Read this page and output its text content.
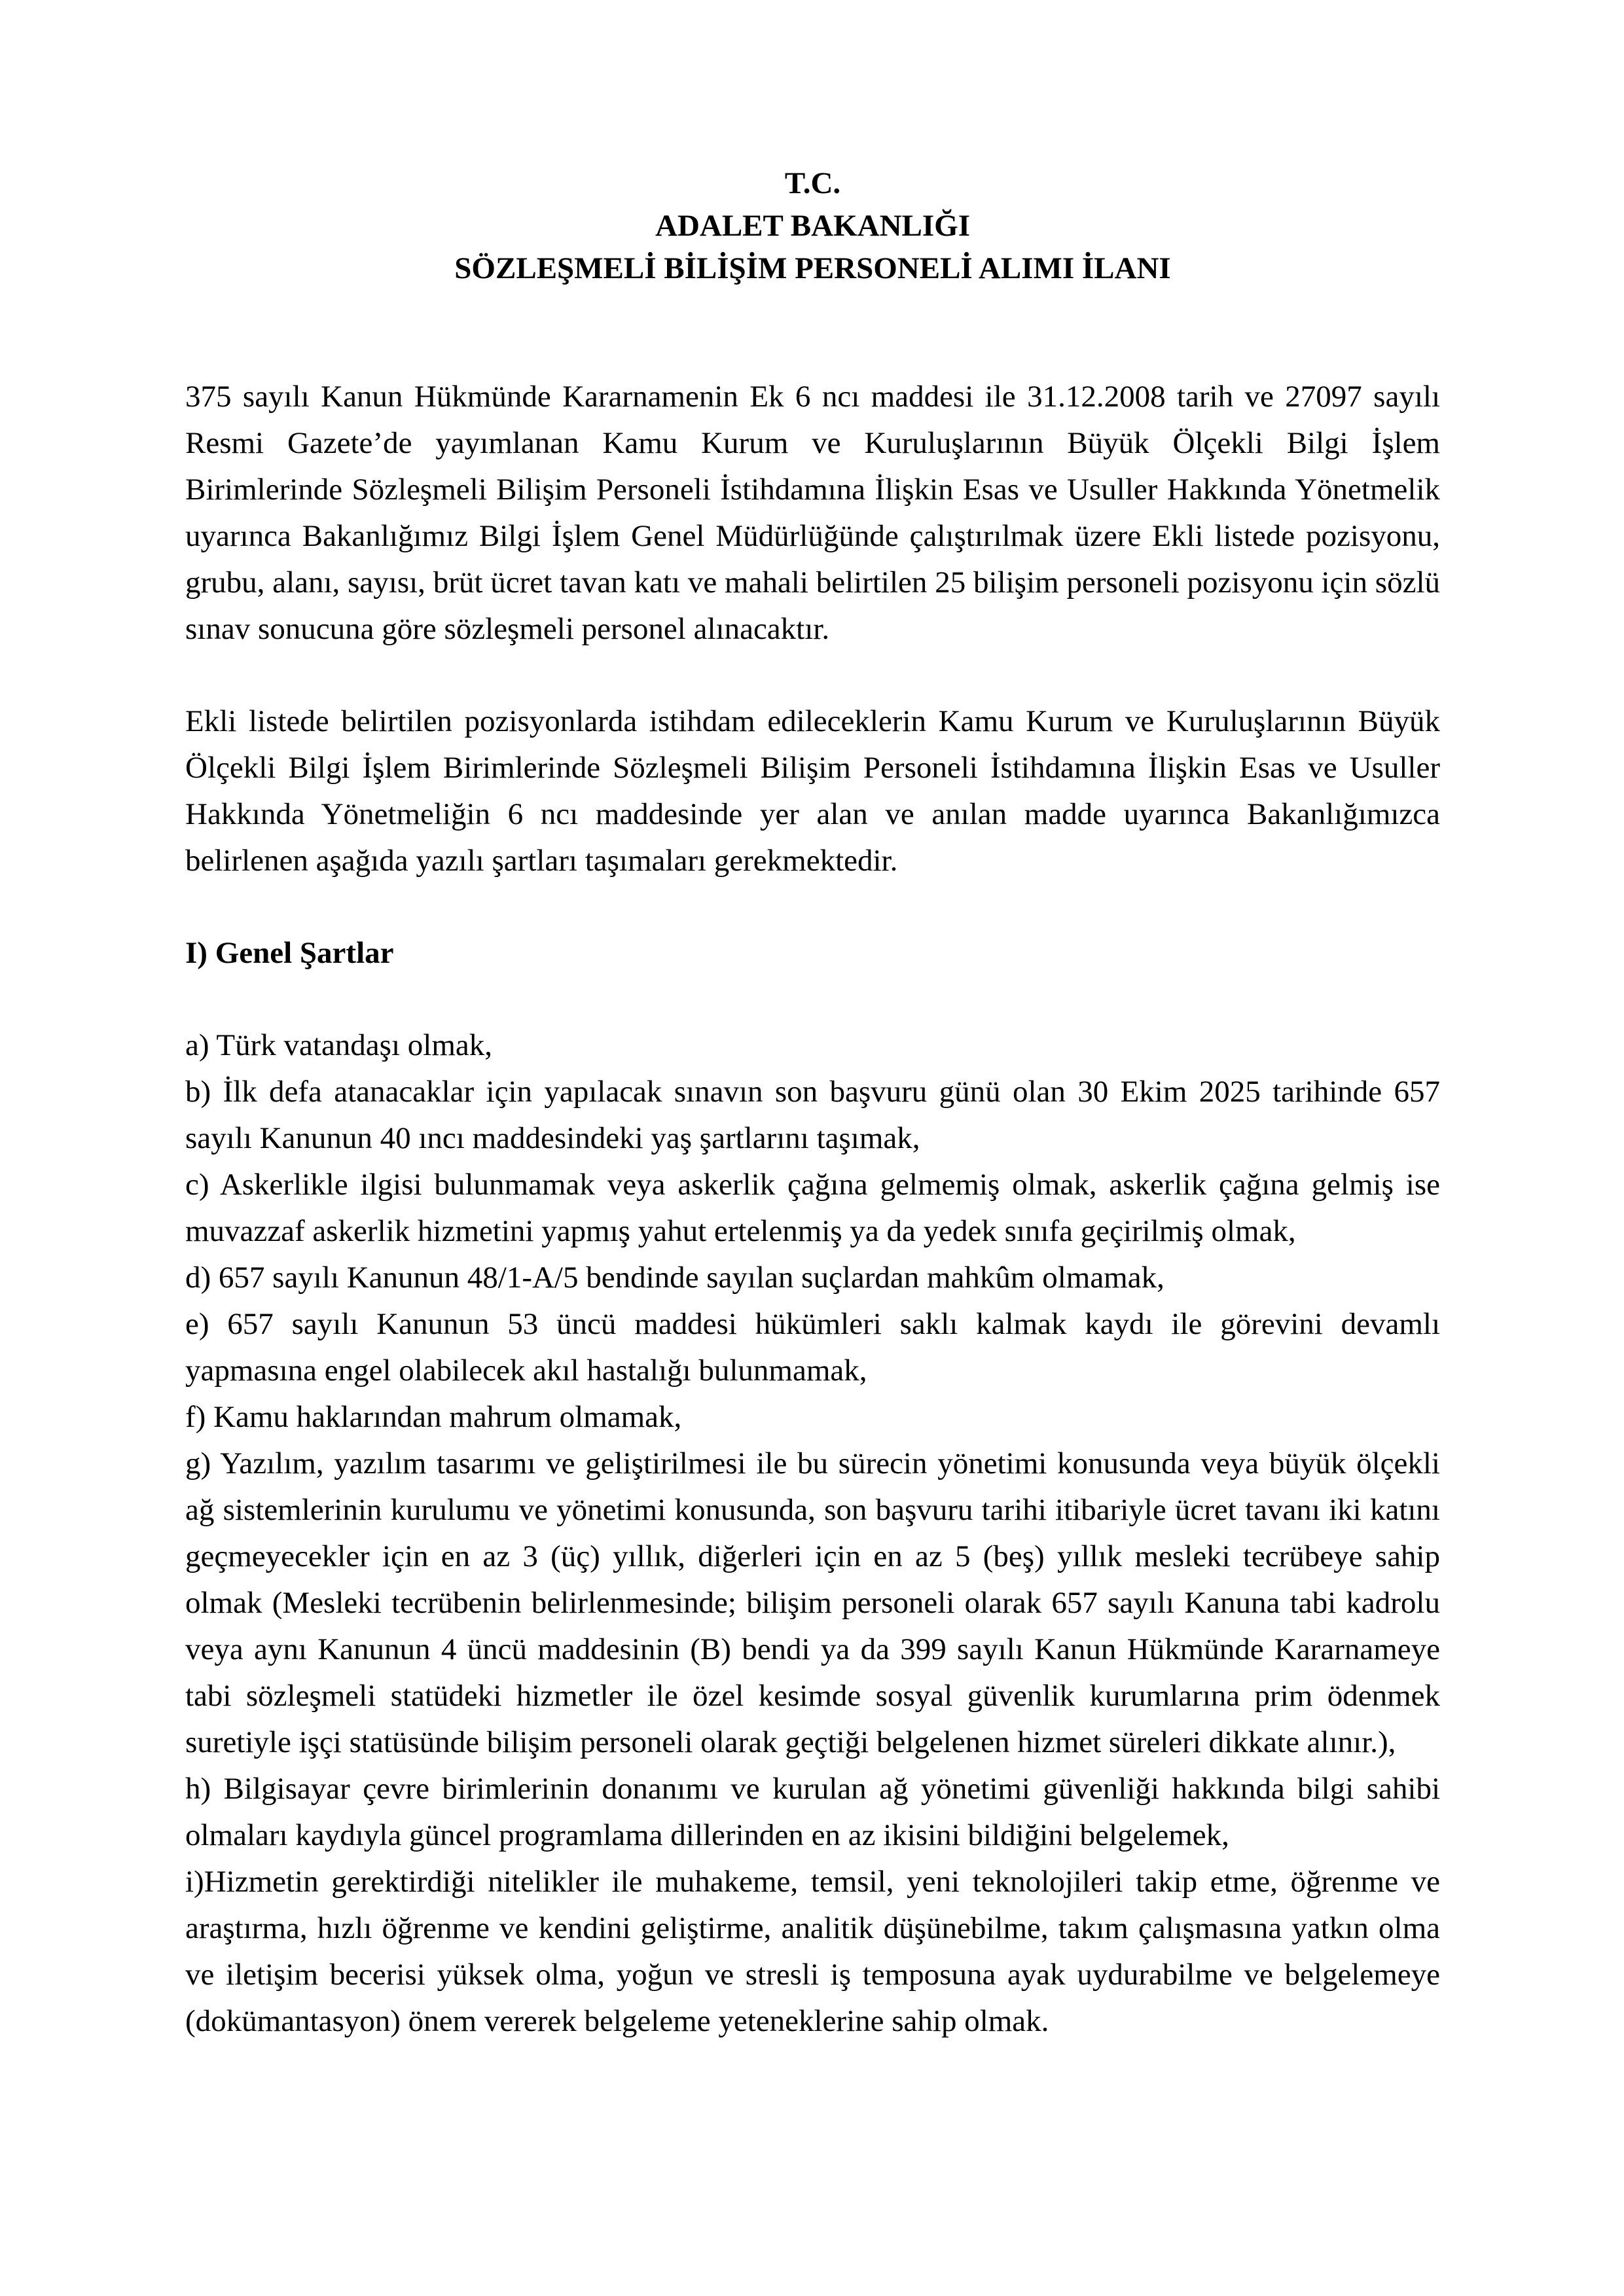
T.C.
ADALET BAKANLIĞI
SÖZLEŞMELİ BİLİŞİM PERSONELİ ALIMI İLANI

375 sayılı Kanun Hükmünde Kararnamenin Ek 6 ncı maddesi ile 31.12.2008 tarih ve 27097 sayılı Resmi Gazete’de yayımlanan Kamu Kurum ve Kuruluşlarının Büyük Ölçekli Bilgi İşlem Birimlerinde Sözleşmeli Bilişim Personeli İstihdamına İlişkin Esas ve Usuller Hakkında Yönetmelik uyarınca Bakanlığımız Bilgi İşlem Genel Müdürlüğünde çalıştırılmak üzere Ekli listede pozisyonu, grubu, alanı, sayısı, brüt ücret tavan katı ve mahali belirtilen 25 bilişim personeli pozisyonu için sözlü sınav sonucuna göre sözleşmeli personel alınacaktır.

Ekli listede belirtilen pozisyonlarda istihdam edileceklerin Kamu Kurum ve Kuruluşlarının Büyük Ölçekli Bilgi İşlem Birimlerinde Sözleşmeli Bilişim Personeli İstihdamına İlişkin Esas ve Usuller Hakkında Yönetmeliğin 6 ncı maddesinde yer alan ve anılan madde uyarınca Bakanlığımızca belirlenen aşağıda yazılı şartları taşımaları gerekmektedir.

I) Genel Şartlar

a) Türk vatandaşı olmak,

b) İlk defa atanacaklar için yapılacak sınavın son başvuru günü olan 30 Ekim 2025 tarihinde 657 sayılı Kanunun 40 ıncı maddesindeki yaş şartlarını taşımak,

c) Askerlikle ilgisi bulunmamak veya askerlik çağına gelmemiş olmak, askerlik çağına gelmiş ise muvazzaf askerlik hizmetini yapmış yahut ertelenmiş ya da yedek sınıfa geçirilmiş olmak,

d) 657 sayılı Kanunun 48/1-A/5 bendinde sayılan suçlardan mahkûm olmamak,

e) 657 sayılı Kanunun 53 üncü maddesi hükümleri saklı kalmak kaydı ile görevini devamlı yapmasına engel olabilecek akıl hastalığı bulunmamak,

f) Kamu haklarından mahrum olmamak,

g) Yazılım, yazılım tasarımı ve geliştirilmesi ile bu sürecin yönetimi konusunda veya büyük ölçekli ağ sistemlerinin kurulumu ve yönetimi konusunda, son başvuru tarihi itibariyle ücret tavanı iki katını geçmeyecekler için en az 3 (üç) yıllık, diğerleri için en az 5 (beş) yıllık mesleki tecrübeye sahip olmak (Mesleki tecrübenin belirlenmesinde; bilişim personeli olarak 657 sayılı Kanuna tabi kadrolu veya aynı Kanunun 4 üncü maddesinin (B) bendi ya da 399 sayılı Kanun Hükmünde Kararnameye tabi sözleşmeli statüdeki hizmetler ile özel kesimde sosyal güvenlik kurumlarına prim ödenmek suretiyle işçi statüsünde bilişim personeli olarak geçtiği belgelenen hizmet süreleri dikkate alınır.),

h) Bilgisayar çevre birimlerinin donanımı ve kurulan ağ yönetimi güvenliği hakkında bilgi sahibi olmaları kaydıyla güncel programlama dillerinden en az ikisini bildiğini belgelemek,

i)Hizmetin gerektirdiği nitelikler ile muhakeme, temsil, yeni teknolojileri takip etme, öğrenme ve araştırma, hızlı öğrenme ve kendini geliştirme, analitik düşünebilme, takım çalışmasına yatkın olma ve iletişim becerisi yüksek olma, yoğun ve stresli iş temposuna ayak uydurabilme ve belgelemeye (dokümantasyon) önem vererek belgeleme yeteneklerine sahip olmak.
